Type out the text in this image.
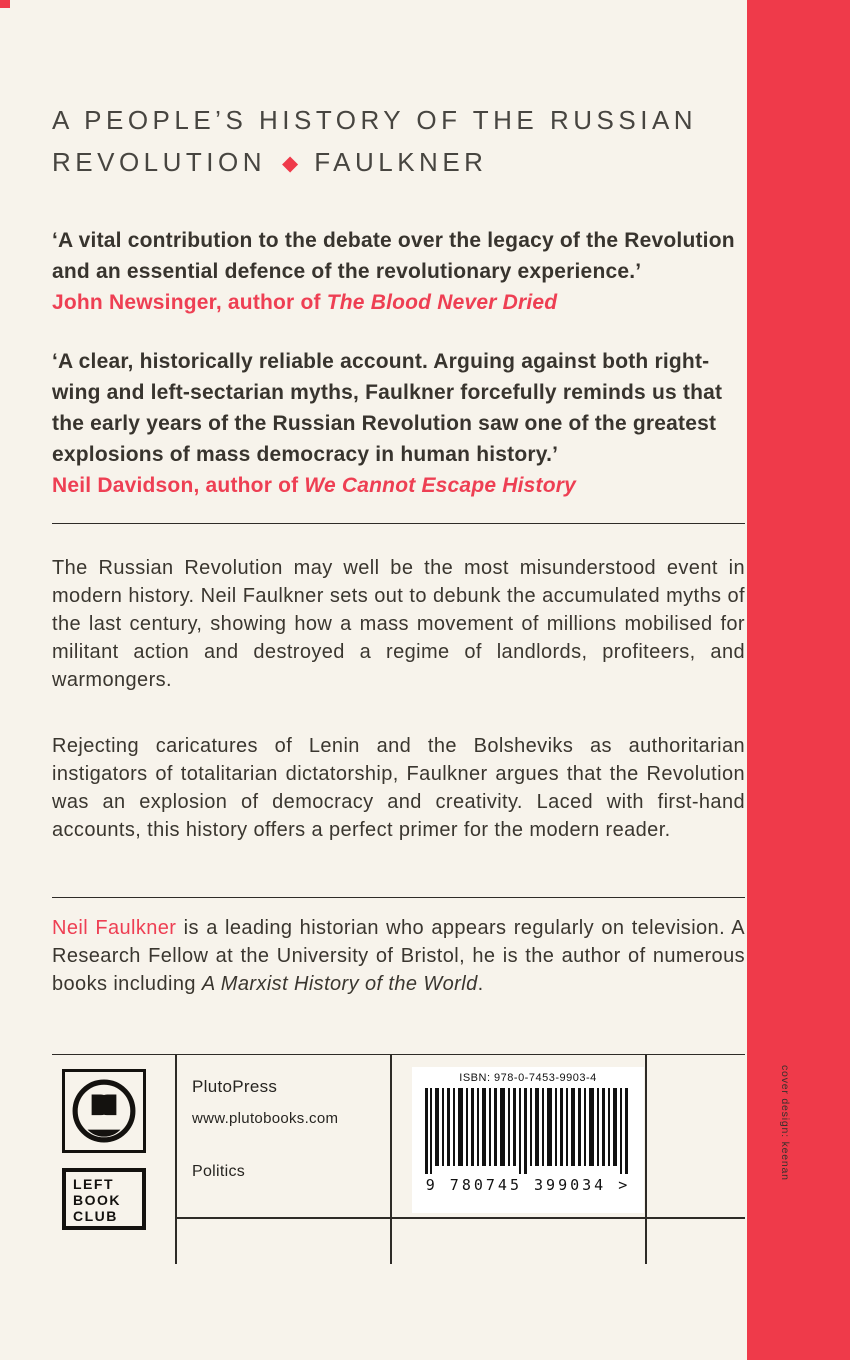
A PEOPLE’S HISTORY OF THE RUSSIAN REVOLUTION ◆ FAULKNER
‘A vital contribution to the debate over the legacy of the Revolution and an essential defence of the revolutionary experience.’
John Newsinger, author of The Blood Never Dried
‘A clear, historically reliable account. Arguing against both right-wing and left-sectarian myths, Faulkner forcefully reminds us that the early years of the Russian Revolution saw one of the greatest explosions of mass democracy in human history.’
Neil Davidson, author of We Cannot Escape History

The Russian Revolution may well be the most misunderstood event in modern history. Neil Faulkner sets out to debunk the accumulated myths of the last century, showing how a mass movement of millions mobilised for militant action and destroyed a regime of landlords, profiteers, and warmongers.

Rejecting caricatures of Lenin and the Bolsheviks as authoritarian instigators of totalitarian dictatorship, Faulkner argues that the Revolution was an explosion of democracy and creativity. Laced with first-hand accounts, this history offers a perfect primer for the modern reader.

Neil Faulkner is a leading historian who appears regularly on television. A Research Fellow at the University of Bristol, he is the author of numerous books including A Marxist History of the World.

LEFT
BOOK
CLUB
PlutoPress
www.plutobooks.com
Politics
ISBN: 978-0-7453-9903-4
9 780745 399034 >
cover design: keenan
